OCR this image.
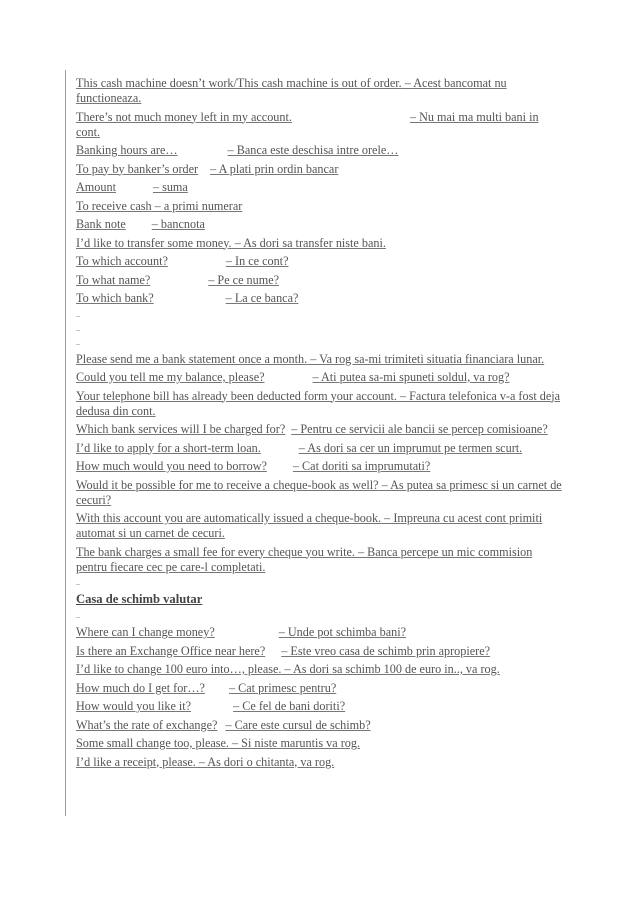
This cash machine doesn’t work/This cash machine is out of order. – Acest bancomat nu functioneaza.
There’s not much money left in my account.	– Nu mai ma multi bani in cont.
Banking hours are…	– Banca este deschisa intre orele…
To pay by banker’s order – A plati prin ordin bancar
Amount	– suma
To receive cash – a primi numerar
Bank note – bancnota
I’d like to transfer some money. – As dori sa transfer niste bani.
To which account?	– In ce cont?
To what name?	– Pe ce nume?
To which bank?	– La ce banca?
‒
‒
‒
Please send me a bank statement once a month. – Va rog sa-mi trimiteti situatia financiara lunar.
Could you tell me my balance, please?	– Ati putea sa-mi spuneti soldul, va rog?
Your telephone bill has already been deducted form your account. – Factura telefonica v-a fost deja dedusa din cont.
Which bank services will I be charged for? – Pentru ce servicii ale bancii se percep comisioane?
I’d like to apply for a short-term loan.	– As dori sa cer un imprumut pe termen scurt.
How much would you need to borrow? – Cat doriti sa imprumutati?
Would it be possible for me to receive a cheque-book as well? – As putea sa primesc si un carnet de cecuri?
With this account you are automatically issued a cheque-book. – Impreuna cu acest cont primiti automat si un carnet de cecuri.
The bank charges a small fee for every cheque you write. – Banca percepe un mic commision pentru fiecare cec pe care-l completati.
‒
Casa de schimb valutar
‒
Where can I change money?	– Unde pot schimba bani?
Is there an Exchange Office near here? – Este vreo casa de schimb prin apropiere?
I’d like to change 100 euro into…, please. – As dori sa schimb 100 de euro in.., va rog.
How much do I get for…? – Cat primesc pentru?
How would you like it?	– Ce fel de bani doriti?
What’s the rate of exchange? – Care este cursul de schimb?
Some small change too, please. – Si niste maruntis va rog.
I’d like a receipt, please. – As dori o chitanta, va rog.
